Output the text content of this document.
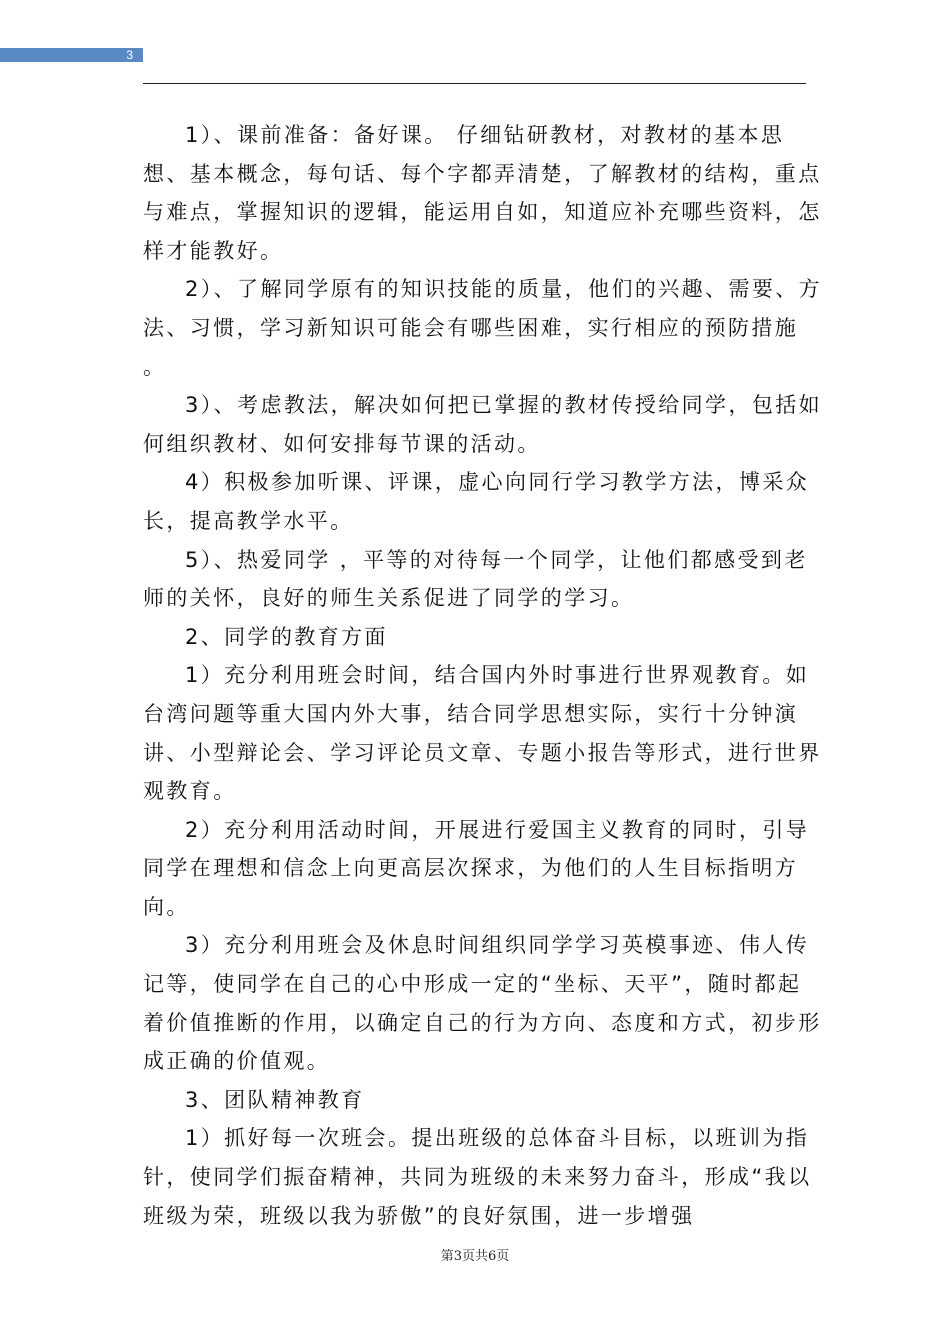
3

1）、课前准备：备好课。 仔细钻研教材，对教材的基本思想、基本概念，每句话、每个字都弄清楚，了解教材的结构，重点与难点，掌握知识的逻辑，能运用自如，知道应补充哪些资料，怎样才能教好。

2）、了解同学原有的知识技能的质量，他们的兴趣、需要、方法、习惯，学习新知识可能会有哪些困难，实行相应的预防措施 。

3）、考虑教法，解决如何把已掌握的教材传授给同学，包括如何组织教材、如何安排每节课的活动。

4）积极参加听课、评课，虚心向同行学习教学方法，博采众长，提高教学水平。

5）、热爱同学 ，平等的对待每一个同学，让他们都感受到老师的关怀，良好的师生关系促进了同学的学习。

2、同学的教育方面

1）充分利用班会时间，结合国内外时事进行世界观教育。如台湾问题等重大国内外大事，结合同学思想实际，实行十分钟演讲、小型辩论会、学习评论员文章、专题小报告等形式，进行世界观教育。

2）充分利用活动时间，开展进行爱国主义教育的同时，引导同学在理想和信念上向更高层次探求，为他们的人生目标指明方向。

3）充分利用班会及休息时间组织同学学习英模事迹、伟人传记等，使同学在自己的心中形成一定的“坐标、天平”，随时都起着价值推断的作用，以确定自己的行为方向、态度和方式，初步形成正确的价值观。

3、团队精神教育

1）抓好每一次班会。提出班级的总体奋斗目标，以班训为指针，使同学们振奋精神，共同为班级的未来努力奋斗，形成“我以班级为荣，班级以我为骄傲”的良好氛围，进一步增强

第3页共6页
